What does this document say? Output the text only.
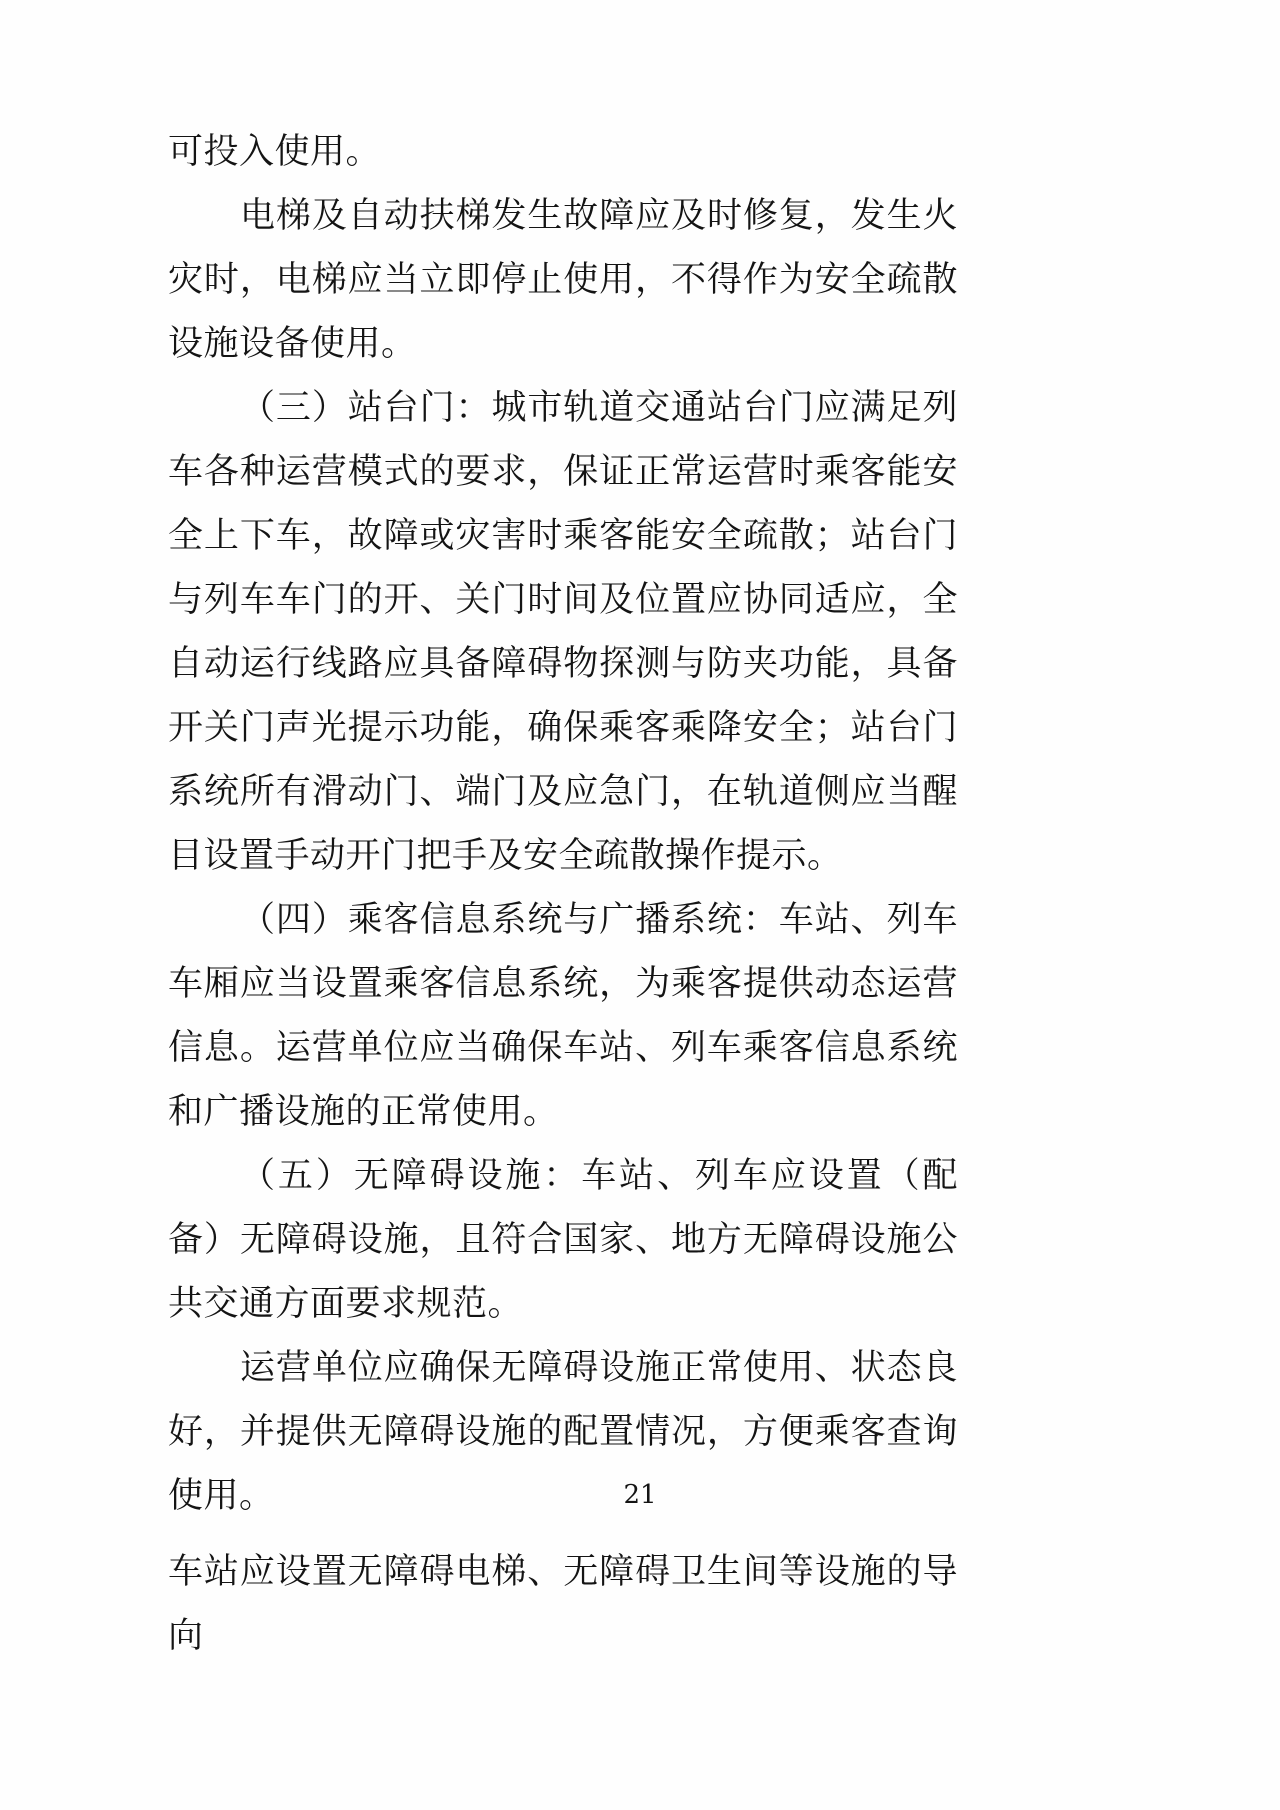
可投入使用。

电梯及自动扶梯发生故障应及时修复，发生火灾时，电梯应当立即停止使用，不得作为安全疏散设施设备使用。

（三）站台门：城市轨道交通站台门应满足列车各种运营模式的要求，保证正常运营时乘客能安全上下车，故障或灾害时乘客能安全疏散；站台门与列车车门的开、关门时间及位置应协同适应，全自动运行线路应具备障碍物探测与防夹功能，具备开关门声光提示功能，确保乘客乘降安全；站台门系统所有滑动门、端门及应急门，在轨道侧应当醒目设置手动开门把手及安全疏散操作提示。

（四）乘客信息系统与广播系统：车站、列车车厢应当设置乘客信息系统，为乘客提供动态运营信息。运营单位应当确保车站、列车乘客信息系统和广播设施的正常使用。

（五）无障碍设施：车站、列车应设置（配备）无障碍设施，且符合国家、地方无障碍设施公共交通方面要求规范。

运营单位应确保无障碍设施正常使用、状态良好，并提供无障碍设施的配置情况，方便乘客查询使用。	21
车站应设置无障碍电梯、无障碍卫生间等设施的导向
